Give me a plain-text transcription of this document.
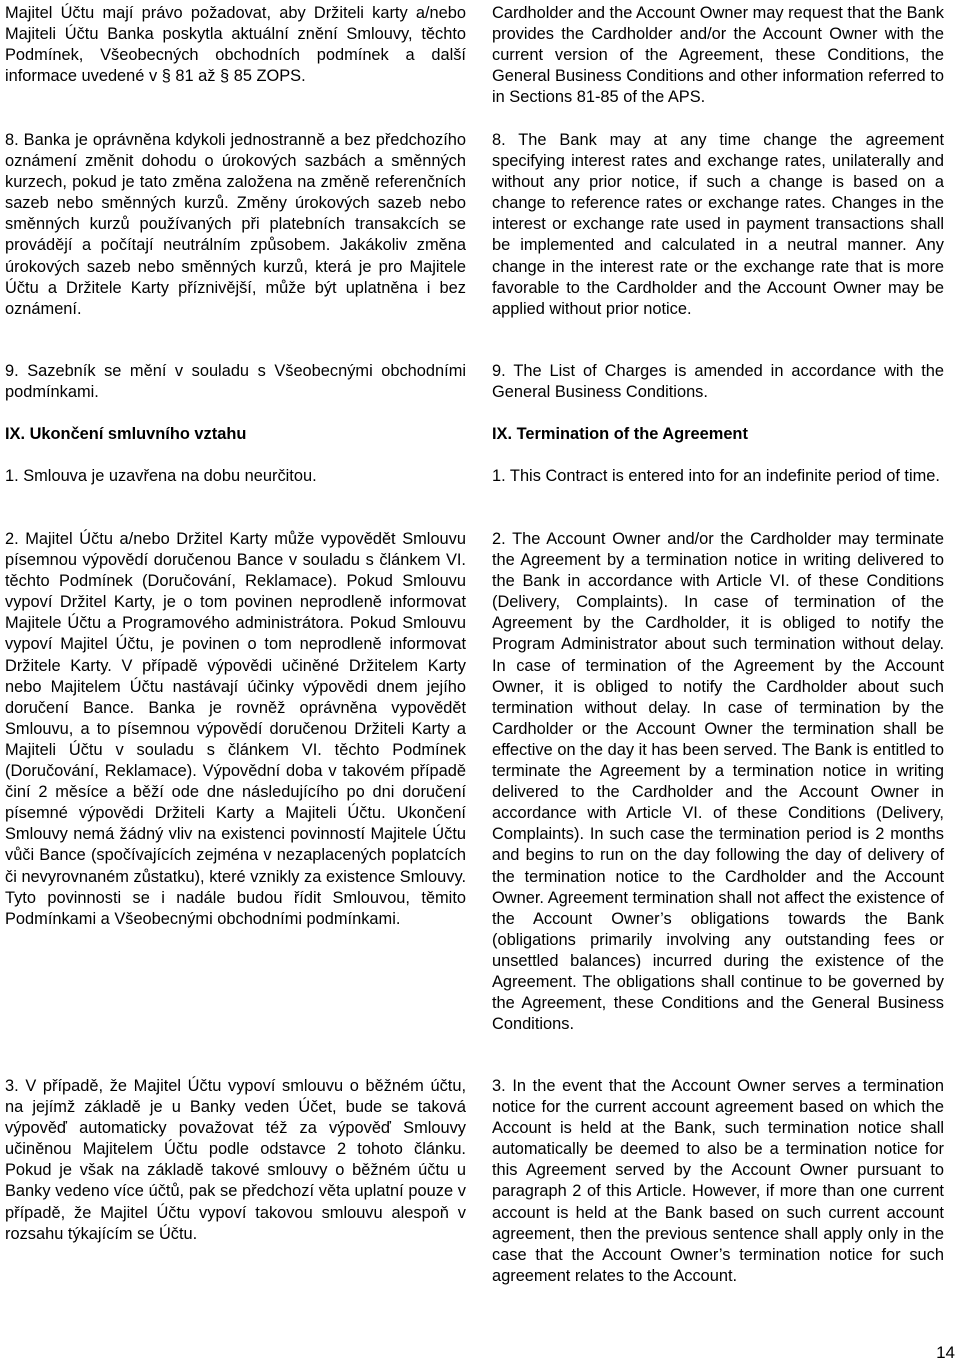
Majitel Účtu mají právo požadovat, aby Držiteli karty a/nebo Majiteli Účtu Banka poskytla aktuální znění Smlouvy, těchto Podmínek, Všeobecných obchodních podmínek a další informace uvedené v § 81 až § 85 ZOPS.

8. Banka je oprávněna kdykoli jednostranně a bez předchozího oznámení změnit dohodu o úrokových sazbách a směnných kurzech, pokud je tato změna založena na změně referenčních sazeb nebo směnných kurzů. Změny úrokových sazeb nebo směnných kurzů používaných při platebních transakcích se provádějí a počítají neutrálním způsobem. Jakákoliv změna úrokových sazeb nebo směnných kurzů, která je pro Majitele Účtu a Držitele Karty příznivější, může být uplatněna i bez oznámení.

9. Sazebník se mění v souladu s Všeobecnými obchodními podmínkami.

IX. Ukončení smluvního vztahu

1. Smlouva je uzavřena na dobu neurčitou.

2. Majitel Účtu a/nebo Držitel Karty může vypovědět Smlouvu písemnou výpovědí doručenou Bance v souladu s článkem VI. těchto Podmínek (Doručování, Reklamace). Pokud Smlouvu vypoví Držitel Karty, je o tom povinen neprodleně informovat Majitele Účtu a Programového administrátora. Pokud Smlouvu vypoví Majitel Účtu, je povinen o tom neprodleně informovat Držitele Karty. V případě výpovědi učiněné Držitelem Karty nebo Majitelem Účtu nastávají účinky výpovědi dnem jejího doručení Bance. Banka je rovněž oprávněna vypovědět Smlouvu, a to písemnou výpovědí doručenou Držiteli Karty a Majiteli Účtu v souladu s článkem VI. těchto Podmínek (Doručování, Reklamace). Výpovědní doba v takovém případě činí 2 měsíce a běží ode dne následujícího po dni doručení písemné výpovědi Držiteli Karty a Majiteli Účtu. Ukončení Smlouvy nemá žádný vliv na existenci povinností Majitele Účtu vůči Bance (spočívajících zejména v nezaplacených poplatcích či nevyrovnaném zůstatku), které vznikly za existence Smlouvy. Tyto povinnosti se i nadále budou řídit Smlouvou, těmito Podmínkami a Všeobecnými obchodními podmínkami.

3. V případě, že Majitel Účtu vypoví smlouvu o běžném účtu, na jejímž základě je u Banky veden Účet, bude se taková výpověď automaticky považovat též za výpověď Smlouvy učiněnou Majitelem Účtu podle odstavce 2 tohoto článku. Pokud je však na základě takové smlouvy o běžném účtu u Banky vedeno více účtů, pak se předchozí věta uplatní pouze v případě, že Majitel Účtu vypoví takovou smlouvu alespoň v rozsahu týkajícím se Účtu.

Cardholder and the Account Owner may request that the Bank provides the Cardholder and/or the Account Owner with the current version of the Agreement, these Conditions, the General Business Conditions and other information referred to in Sections 81-85 of the APS.

8. The Bank may at any time change the agreement specifying interest rates and exchange rates, unilaterally and without any prior notice, if such a change is based on a change to reference rates or exchange rates. Changes in the interest or exchange rate used in payment transactions shall be implemented and calculated in a neutral manner. Any change in the interest rate or the exchange rate that is more favorable to the Cardholder and the Account Owner may be applied without prior notice.

9. The List of Charges is amended in accordance with the General Business Conditions.

IX. Termination of the Agreement

1. This Contract is entered into for an indefinite period of time.

2. The Account Owner and/or the Cardholder may terminate the Agreement by a termination notice in writing delivered to the Bank in accordance with Article VI. of these Conditions (Delivery, Complaints). In case of termination of the Agreement by the Cardholder, it is obliged to notify the Program Administrator about such termination without delay. In case of termination of the Agreement by the Account Owner, it is obliged to notify the Cardholder about such termination without delay. In case of termination by the Cardholder or the Account Owner the termination shall be effective on the day it has been served. The Bank is entitled to terminate the Agreement by a termination notice in writing delivered to the Cardholder and the Account Owner in accordance with Article VI. of these Conditions (Delivery, Complaints). In such case the termination period is 2 months and begins to run on the day following the day of delivery of the termination notice to the Cardholder and the Account Owner. Agreement termination shall not affect the existence of the Account Owner’s obligations towards the Bank (obligations primarily involving any outstanding fees or unsettled balances) incurred during the existence of the Agreement. The obligations shall continue to be governed by the Agreement, these Conditions and the General Business Conditions.

3. In the event that the Account Owner serves a termination notice for the current account agreement based on which the Account is held at the Bank, such termination notice shall automatically be deemed to also be a termination notice for this Agreement served by the Account Owner pursuant to paragraph 2 of this Article. However, if more than one current account is held at the Bank based on such current account agreement, then the previous sentence shall apply only in the case that the Account Owner’s termination notice for such agreement relates to the Account.

14
